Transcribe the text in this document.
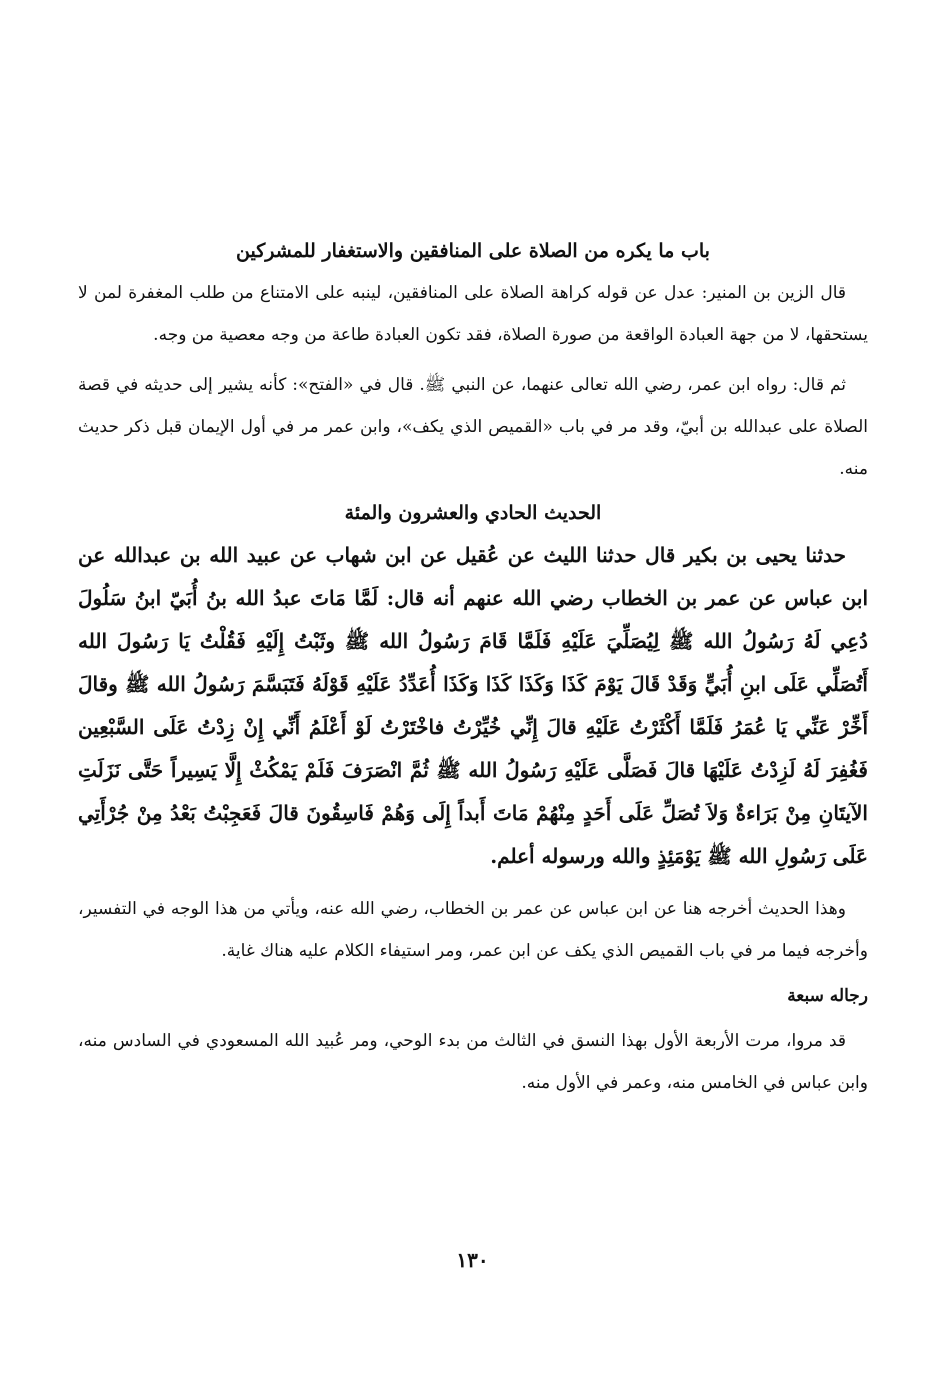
باب ما يكره من الصلاة على المنافقين والاستغفار للمشركين

قال الزين بن المنير: عدل عن قوله كراهة الصلاة على المنافقين، لينبه على الامتناع من طلب المغفرة لمن لا يستحقها، لا من جهة العبادة الواقعة من صورة الصلاة، فقد تكون العبادة طاعة من وجه معصية من وجه.

ثم قال: رواه ابن عمر، رضي الله تعالى عنهما، عن النبي ﷺ. قال في «الفتح»: كأنه يشير إلى حديثه في قصة الصلاة على عبدالله بن أبيّ، وقد مر في باب «القميص الذي يكف»، وابن عمر مر في أول الإيمان قبل ذكر حديث منه.

الحديث الحادي والعشرون والمئة

حدثنا يحيى بن بكير قال حدثنا الليث عن عُقيل عن ابن شهاب عن عبيد الله بن عبدالله عن ابن عباس عن عمر بن الخطاب رضي الله عنهم أنه قال: لَمَّا مَاتَ عبدُ الله بنُ أُبَيّ ابنُ سَلُولَ دُعِي لَهُ رَسُولُ الله ﷺ لِيُصَلِّيَ عَلَيْهِ فَلَمَّا قَامَ رَسُولُ الله ﷺ وثَبْتُ إِلَيْهِ فَقُلْتُ يَا رَسُولَ الله أَتُصَلِّي عَلَى ابنِ أُبَيٍّ وَقَدْ قَالَ يَوْمَ كَذَا وَكَذَا كَذَا وَكَذَا أُعَدِّدُ عَلَيْهِ قَوْلَهُ فَتَبَسَّمَ رَسُولُ الله ﷺ وقالَ أَخِّرْ عَنِّي يَا عُمَرُ فَلَمَّا أَكْثَرْتُ عَلَيْهِ قالَ إِنِّي خُيِّرْتُ فاخْتَرْتُ لَوْ أَعْلَمُ أَنِّي إِنْ زِدْتُ عَلَى السَّبْعِين فَغُفِرَ لَهُ لَزِدْتُ عَلَيْهَا قالَ فَصَلَّى عَلَيْهِ رَسُولُ الله ﷺ ثُمَّ انْصَرَفَ فَلَمْ يَمْكُثْ إِلَّا يَسِيراً حَتَّى نَزَلَتِ الآيتَانِ مِنْ بَرَاءةٌ وَلاَ تُصَلِّ عَلَى أَحَدٍ مِنْهُمْ مَاتَ أَبداً إِلَى وَهُمْ فَاسِقُونَ قالَ فَعَجِبْتُ بَعْدُ مِنْ جُرْأَتِي عَلَى رَسُولِ الله ﷺ يَوْمَئِذٍ والله ورسوله أعلم.

وهذا الحديث أخرجه هنا عن ابن عباس عن عمر بن الخطاب، رضي الله عنه، ويأتي من هذا الوجه في التفسير، وأخرجه فيما مر في باب القميص الذي يكف عن ابن عمر، ومر استيفاء الكلام عليه هناك غاية.

رجاله سبعة

قد مروا، مرت الأربعة الأول بهذا النسق في الثالث من بدء الوحي، ومر عُبيد الله المسعودي في السادس منه، وابن عباس في الخامس منه، وعمر في الأول منه.

١٣٠
